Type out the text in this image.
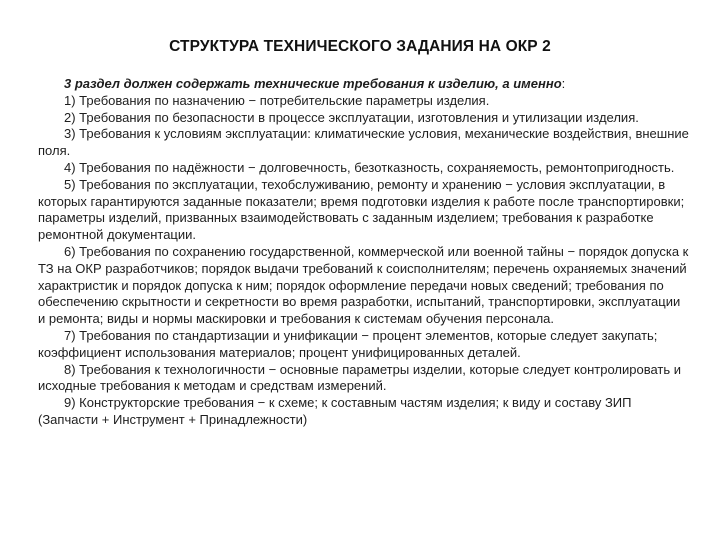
СТРУКТУРА ТЕХНИЧЕСКОГО ЗАДАНИЯ НА ОКР 2

3 раздел должен содержать технические требования к изделию, а именно:

1) Требования по назначению − потребительские параметры изделия.

2) Требования по безопасности в процессе эксплуатации, изготовления и утилизации изделия.

3) Требования к условиям эксплуатации: климатические условия, механические воздействия, внешние поля.

4) Требования по надёжности − долговечность, безотказность, сохраняемость, ремонтопригодность.

5) Требования по эксплуатации, техобслуживанию, ремонту и хранению − условия эксплуатации, в которых гарантируются заданные показатели; время подготовки изделия к работе после транспортировки; параметры изделий, призванных взаимодействовать с заданным изделием; требования к разработке ремонтной документации.

6) Требования по сохранению государственной, коммерческой или военной тайны − порядок допуска к ТЗ на ОКР разработчиков; порядок выдачи требований к соисполнителям; перечень охраняемых значений характристик и порядок допуска к ним; порядок оформление передачи новых сведений; требования по обеспечению скрытности и секретности во время разработки, испытаний, транспортировки, эксплуатации и ремонта; виды и нормы маскировки и требования к системам обучения персонала.

7) Требования по стандартизации и унификации − процент элементов, которые следует закупать; коэффициент использования материалов; процент унифицированных деталей.

8) Требования к технологичности − основные параметры изделии, которые следует контролировать и исходные требования к методам и средствам измерений.

9) Конструкторские требования − к схеме; к составным частям изделия; к виду и составу ЗИП (Запчасти + Инструмент + Принадлежности)
